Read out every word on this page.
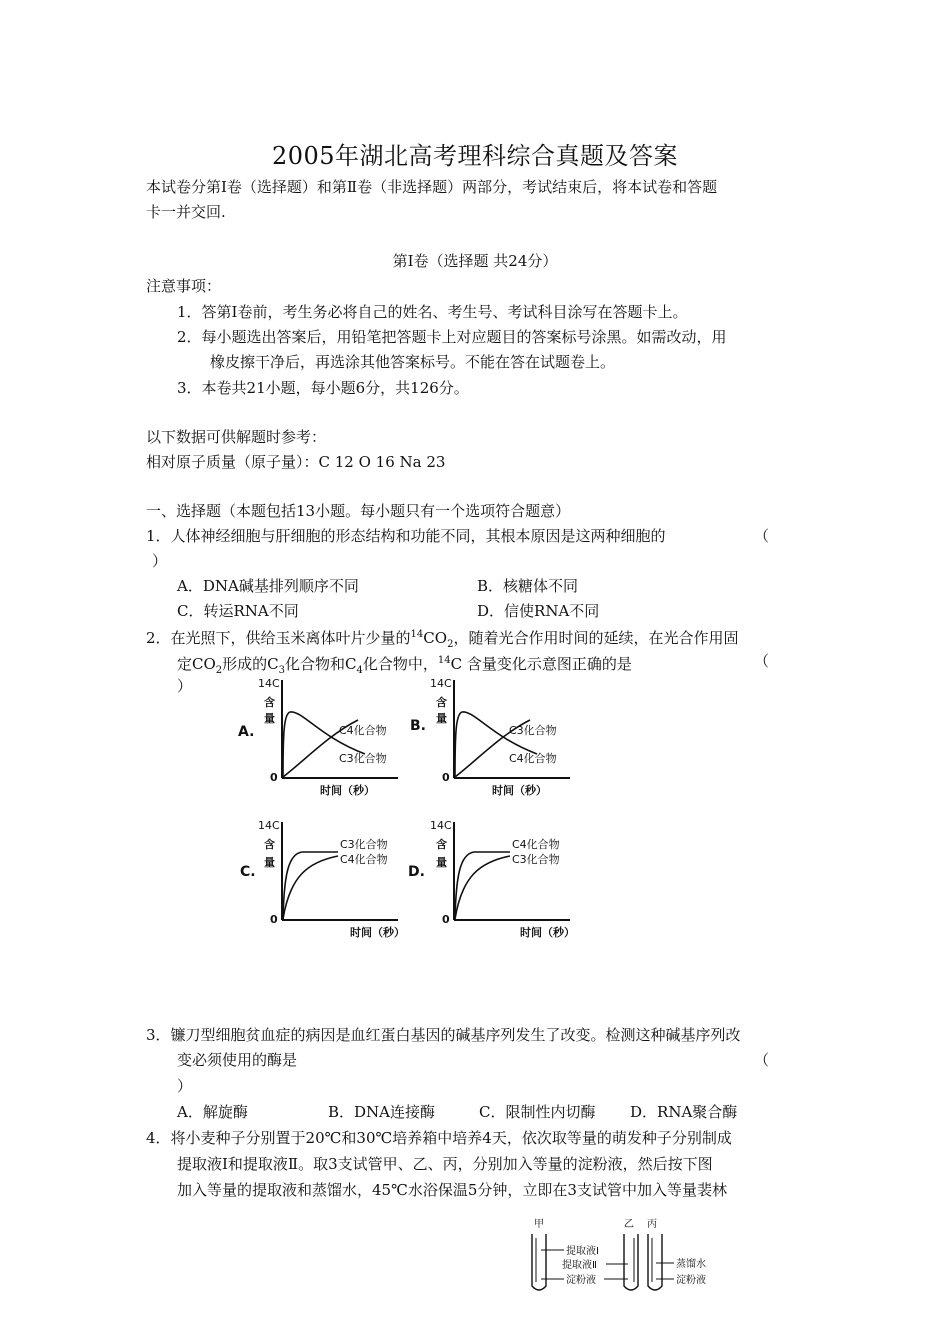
2005年湖北高考理科综合真题及答案
本试卷分第Ⅰ卷（选择题）和第Ⅱ卷（非选择题）两部分，考试结束后，将本试卷和答题
卡一并交回.
第Ⅰ卷（选择题 共24分）
注意事项：
1．答第Ⅰ卷前，考生务必将自己的姓名、考生号、考试科目涂写在答题卡上。
2．每小题选出答案后，用铅笔把答题卡上对应题目的答案标号涂黑。如需改动，用
橡皮擦干净后，再选涂其他答案标号。不能在答在试题卷上。
3．本卷共21小题，每小题6分，共126分。
以下数据可供解题时参考：
相对原子质量（原子量）：C 12 O 16 Na 23
一、选择题（本题包括13小题。每小题只有一个选项符合题意）
1．人体神经细胞与肝细胞的形态结构和功能不同，其根本原因是这两种细胞的	（
）
A．DNA碱基排列顺序不同	B．核糖体不同
C．转运RNA不同	D．信使RNA不同
2．在光照下，供给玉米离体叶片少量的$^{14}CO_2$，随着光合作用时间的延续，在光合作用固
定$CO_2$形成的$C_3$化合物和$C_4$化合物中，$^{14}$C 含量变化示意图正确的是	（
）	14C
含
量
A.
0
C4化合物
C3化合物
时间（秒）
14C
含
量
B.
0
C3化合物
C4化合物
时间（秒）
14C
含
量
C.
0
C3化合物
C4化合物
时间（秒）
14C
含
量
D.
0
C4化合物
C3化合物
时间（秒）
3．镰刀型细胞贫血症的病因是血红蛋白基因的碱基序列发生了改变。检测这种碱基序列改
变必须使用的酶是	（
）
A．解旋酶	B．DNA连接酶	C．限制性内切酶 D．RNA聚合酶
4．将小麦种子分别置于20℃和30℃培养箱中培养4天，依次取等量的萌发种子分别制成
提取液Ⅰ和提取液Ⅱ。取3支试管甲、乙、丙，分别加入等量的淀粉液，然后按下图
加入等量的提取液和蒸馏水，45℃水浴保温5分钟，立即在3支试管中加入等量裴林
甲	乙 丙
提取液Ⅰ
提取液Ⅱ
淀粉液
蒸馏水
淀粉液
